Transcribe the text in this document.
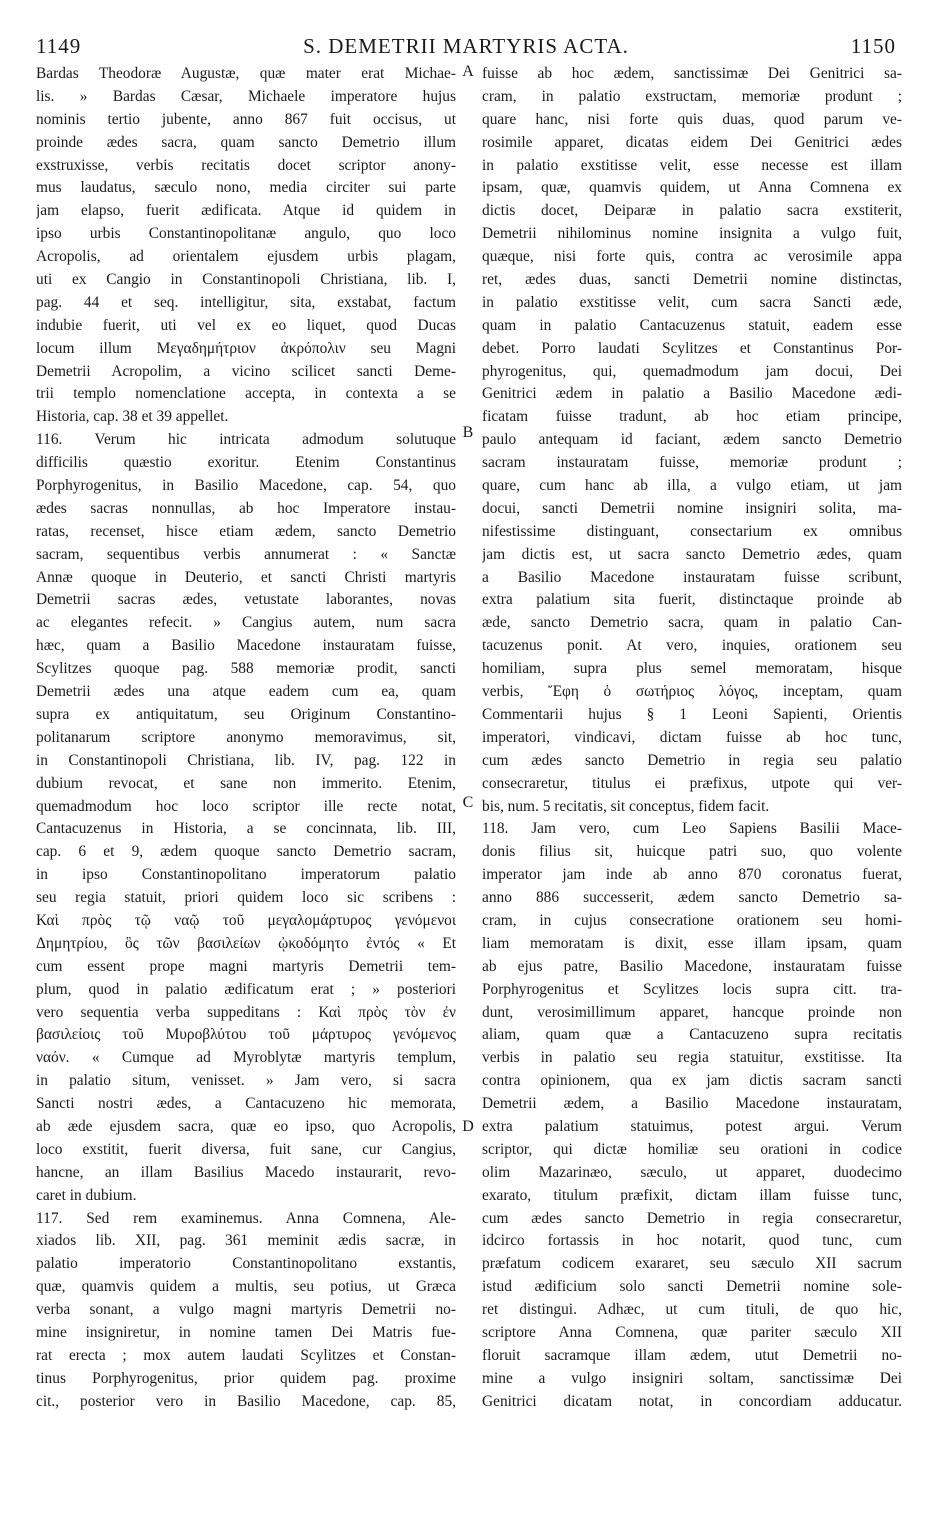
1149	S. DEMETRII MARTYRIS ACTA.	1150
Bardas Theodoræ Augustæ, quæ mater erat Michae-
lis. » Bardas Cæsar, Michaele imperatore hujus
nominis tertio jubente, anno 867 fuit occisus, ut
proinde ædes sacra, quam sancto Demetrio illum
exstruxisse, verbis recitatis docet scriptor anony-
mus laudatus, sæculo nono, media circiter sui parte
jam elapso, fuerit ædificata. Atque id quidem in
ipso urbis Constantinopolitanæ angulo, quo loco
Acropolis, ad orientalem ejusdem urbis plagam,
uti ex Cangio in Constantinopoli Christiana, lib. I,
pag. 44 et seq. intelligitur, sita, exstabat, factum
indubie fuerit, uti vel ex eo liquet, quod Ducas
locum illum Μεγαδημήτριον ἀκρόπολιν seu Magni
Demetrii Acropolim, a vicino scilicet sancti Deme-
trii templo nomenclatione accepta, in contexta a se
Historia, cap. 38 et 39 appellet.
116. Verum hic intricata admodum solutuque
difficilis quæstio exoritur. Etenim Constantinus
Porphyrogenitus, in Basilio Macedone, cap. 54, quo
ædes sacras nonnullas, ab hoc Imperatore instau-
ratas, recenset, hisce etiam ædem, sancto Demetrio
sacram, sequentibus verbis annumerat : « Sanctæ
Annæ quoque in Deuterio, et sancti Christi martyris
Demetrii sacras ædes, vetustate laborantes, novas
ac elegantes refecit. » Cangius autem, num sacra
hæc, quam a Basilio Macedone instauratam fuisse,
Scylitzes quoque pag. 588 memoriæ prodit, sancti
Demetrii ædes una atque eadem cum ea, quam
supra ex antiquitatum, seu Originum Constantino-
politanarum scriptore anonymo memoravimus, sit,
in Constantinopoli Christiana, lib. IV, pag. 122 in
dubium revocat, et sane non immerito. Etenim,
quemadmodum hoc loco scriptor ille recte notat,
Cantacuzenus in Historia, a se concinnata, lib. III,
cap. 6 et 9, ædem quoque sancto Demetrio sacram,
in ipso Constantinopolitano imperatorum palatio
seu regia statuit, priori quidem loco sic scribens :
Καὶ πρὸς τῷ ναῷ τοῦ μεγαλομάρτυρος γενόμενοι
Δημητρίου, ὃς τῶν βασιλείων ᾠκοδόμητο ἐντός « Et
cum essent prope magni martyris Demetrii tem-
plum, quod in palatio ædificatum erat ; » posteriori
vero sequentia verba suppeditans : Καὶ πρὸς τὸν ἐν
βασιλείοις τοῦ Μυροβλύτου τοῦ μάρτυρος γενόμενος
ναόν. « Cumque ad Myroblytæ martyris templum,
in palatio situm, venisset. » Jam vero, si sacra
Sancti nostri ædes, a Cantacuzeno hic memorata,
ab æde ejusdem sacra, quæ eo ipso, quo Acropolis,
loco exstitit, fuerit diversa, fuit sane, cur Cangius,
hancne, an illam Basilius Macedo instaurarit, revo-
caret in dubium.
117. Sed rem examinemus. Anna Comnena, Ale-
xiados lib. XII, pag. 361 meminit ædis sacræ, in
palatio imperatorio Constantinopolitano exstantis,
quæ, quamvis quidem a multis, seu potius, ut Græca
verba sonant, a vulgo magni martyris Demetrii no-
mine insigniretur, in nomine tamen Dei Matris fue-
rat erecta ; mox autem laudati Scylitzes et Constan-
tinus Porphyrogenitus, prior quidem pag. proxime
cit., posterior vero in Basilio Macedone, cap. 85,
fuisse ab hoc ædem, sanctissimæ Dei Genitrici sa-
cram, in palatio exstructam, memoriæ produnt ;
quare hanc, nisi forte quis duas, quod parum ve-
rosimile apparet, dicatas eidem Dei Genitrici ædes
in palatio exstitisse velit, esse necesse est illam
ipsam, quæ, quamvis quidem, ut Anna Comnena ex
dictis docet, Deiparæ in palatio sacra exstiterit,
Demetrii nihilominus nomine insignita a vulgo fuit,
quæque, nisi forte quis, contra ac verosimile appa
ret, ædes duas, sancti Demetrii nomine distinctas,
in palatio exstitisse velit, cum sacra Sancti æde,
quam in palatio Cantacuzenus statuit, eadem esse
debet. Porro laudati Scylitzes et Constantinus Por-
phyrogenitus, qui, quemadmodum jam docui, Dei
Genitrici ædem in palatio a Basilio Macedone ædi-
ficatam fuisse tradunt, ab hoc etiam principe,
paulo antequam id faciant, ædem sancto Demetrio
sacram instauratam fuisse, memoriæ produnt ;
quare, cum hanc ab illa, a vulgo etiam, ut jam
docui, sancti Demetrii nomine insigniri solita, ma-
nifestissime distinguant, consectarium ex omnibus
jam dictis est, ut sacra sancto Demetrio ædes, quam
a Basilio Macedone instauratam fuisse scribunt,
extra palatium sita fuerit, distinctaque proinde ab
æde, sancto Demetrio sacra, quam in palatio Can-
tacuzenus ponit. At vero, inquies, orationem seu
homiliam, supra plus semel memoratam, hisque
verbis, Ἔφη ὁ σωτήριος λόγος, inceptam, quam
Commentarii hujus § 1 Leoni Sapienti, Orientis
imperatori, vindicavi, dictam fuisse ab hoc tunc,
cum ædes sancto Demetrio in regia seu palatio
consecraretur, titulus ei præfixus, utpote qui ver-
bis, num. 5 recitatis, sit conceptus, fidem facit.
118. Jam vero, cum Leo Sapiens Basilii Mace-
donis filius sit, huicque patri suo, quo volente
imperator jam inde ab anno 870 coronatus fuerat,
anno 886 successerit, ædem sancto Demetrio sa-
cram, in cujus consecratione orationem seu homi-
liam memoratam is dixit, esse illam ipsam, quam
ab ejus patre, Basilio Macedone, instauratam fuisse
Porphyrogenitus et Scylitzes locis supra citt. tra-
dunt, verosimillimum apparet, hancque proinde non
aliam, quam quæ a Cantacuzeno supra recitatis
verbis in palatio seu regia statuitur, exstitisse. Ita
contra opinionem, qua ex jam dictis sacram sancti
Demetrii ædem, a Basilio Macedone instauratam,
extra palatium statuimus, potest argui. Verum
scriptor, qui dictæ homiliæ seu orationi in codice
olim Mazarinæo, sæculo, ut apparet, duodecimo
exarato, titulum præfixit, dictam illam fuisse tunc,
cum ædes sancto Demetrio in regia consecraretur,
idcirco fortassis in hoc notarit, quod tunc, cum
præfatum codicem exararet, seu sæculo XII sacrum
istud ædificium solo sancti Demetrii nomine sole-
ret distingui. Adhæc, ut cum tituli, de quo hic,
scriptore Anna Comnena, quæ pariter sæculo XII
floruit sacramque illam ædem, utut Demetrii no-
mine a vulgo insigniri soltam, sanctissimæ Dei
Genitrici dicatam notat, in concordiam adducatur.
A
B
C
D
